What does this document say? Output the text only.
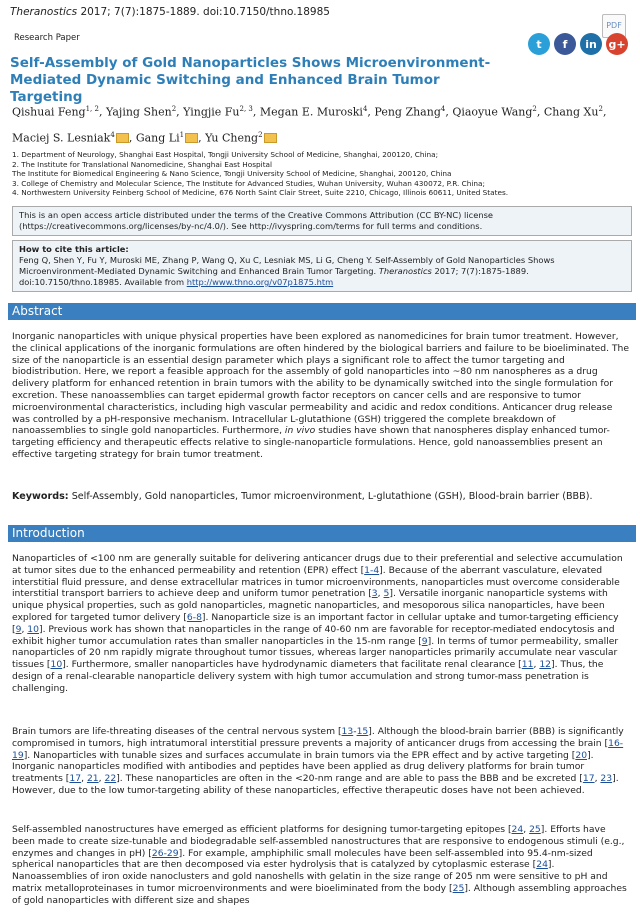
Theranostics 2017; 7(7):1875-1889. doi:10.7150/thno.18985
PDF
Research Paper	t	f	in	g+
Self-Assembly of Gold Nanoparticles Shows Microenvironment-Mediated Dynamic Switching and Enhanced Brain Tumor Targeting
Qishuai Feng$^{1, 2}$, Yajing Shen$^2$, Yingjie Fu$^{2, 3}$, Megan E. Muroski$^4$, Peng Zhang$^4$, Qiaoyue Wang$^2$, Chang Xu$^2$, Maciej S. Lesniak$^4$ , Gang Li$^1$ , Yu Cheng$^2$
1. Department of Neurology, Shanghai East Hospital, Tongji University School of Medicine, Shanghai, 200120, China;
2. The Institute for Translational Nanomedicine, Shanghai East Hospital
The Institute for Biomedical Engineering & Nano Science, Tongji University School of Medicine, Shanghai, 200120, China
3. College of Chemistry and Molecular Science, The Institute for Advanced Studies, Wuhan University, Wuhan 430072, P.R. China;
4. Northwestern University Feinberg School of Medicine, 676 North Saint Clair Street, Suite 2210, Chicago, Illinois 60611, United States.
This is an open access article distributed under the terms of the Creative Commons Attribution (CC BY-NC) license (https://creativecommons.org/licenses/by-nc/4.0/). See http://ivyspring.com/terms for full terms and conditions.
How to cite this article:
Feng Q, Shen Y, Fu Y, Muroski ME, Zhang P, Wang Q, Xu C, Lesniak MS, Li G, Cheng Y. Self-Assembly of Gold Nanoparticles Shows Microenvironment-Mediated Dynamic Switching and Enhanced Brain Tumor Targeting. Theranostics 2017; 7(7):1875-1889. doi:10.7150/thno.18985. Available from http://www.thno.org/v07p1875.htm
Abstract
Inorganic nanoparticles with unique physical properties have been explored as nanomedicines for brain tumor treatment. However, the clinical applications of the inorganic formulations are often hindered by the biological barriers and failure to be bioeliminated. The size of the nanoparticle is an essential design parameter which plays a significant role to affect the tumor targeting and biodistribution. Here, we report a feasible approach for the assembly of gold nanoparticles into ~80 nm nanospheres as a drug delivery platform for enhanced retention in brain tumors with the ability to be dynamically switched into the single formulation for excretion. These nanoassemblies can target epidermal growth factor receptors on cancer cells and are responsive to tumor microenvironmental characteristics, including high vascular permeability and acidic and redox conditions. Anticancer drug release was controlled by a pH-responsive mechanism. Intracellular L-glutathione (GSH) triggered the complete breakdown of nanoassemblies to single gold nanoparticles. Furthermore, in vivo studies have shown that nanospheres display enhanced tumor-targeting efficiency and therapeutic effects relative to single-nanoparticle formulations. Hence, gold nanoassemblies present an effective targeting strategy for brain tumor treatment.
Keywords: Self-Assembly, Gold nanoparticles, Tumor microenvironment, L-glutathione (GSH), Blood-brain barrier (BBB).
Introduction
Nanoparticles of <100 nm are generally suitable for delivering anticancer drugs due to their preferential and selective accumulation at tumor sites due to the enhanced permeability and retention (EPR) effect [1-4]. Because of the aberrant vasculature, elevated interstitial fluid pressure, and dense extracellular matrices in tumor microenvironments, nanoparticles must overcome considerable interstitial transport barriers to achieve deep and uniform tumor penetration [3, 5]. Versatile inorganic nanoparticle systems with unique physical properties, such as gold nanoparticles, magnetic nanoparticles, and mesoporous silica nanoparticles, have been explored for targeted tumor delivery [6-8]. Nanoparticle size is an important factor in cellular uptake and tumor-targeting efficiency [9, 10]. Previous work has shown that nanoparticles in the range of 40-60 nm are favorable for receptor-mediated endocytosis and exhibit higher tumor accumulation rates than smaller nanoparticles in the 15-nm range [9]. In terms of tumor permeability, smaller nanoparticles of 20 nm rapidly migrate throughout tumor tissues, whereas larger nanoparticles primarily accumulate near vascular tissues [10]. Furthermore, smaller nanoparticles have hydrodynamic diameters that facilitate renal clearance [11, 12]. Thus, the design of a renal-clearable nanoparticle delivery system with high tumor accumulation and strong tumor-mass penetration is challenging.
Brain tumors are life-threating diseases of the central nervous system [13-15]. Although the blood-brain barrier (BBB) is significantly compromised in tumors, high intratumoral interstitial pressure prevents a majority of anticancer drugs from accessing the brain [16-19]. Nanoparticles with tunable sizes and surfaces accumulate in brain tumors via the EPR effect and by active targeting [20]. Inorganic nanoparticles modified with antibodies and peptides have been applied as drug delivery platforms for brain tumor treatments [17, 21, 22]. These nanoparticles are often in the <20-nm range and are able to pass the BBB and be excreted [17, 23]. However, due to the low tumor-targeting ability of these nanoparticles, effective therapeutic doses have not been achieved.
Self-assembled nanostructures have emerged as efficient platforms for designing tumor-targeting epitopes [24, 25]. Efforts have been made to create size-tunable and biodegradable self-assembled nanostructures that are responsive to endogenous stimuli (e.g., enzymes and changes in pH) [26-29]. For example, amphiphilic small molecules have been self-assembled into 95.4-nm-sized spherical nanoparticles that are then decomposed via ester hydrolysis that is catalyzed by cytoplasmic esterase [24]. Nanoassemblies of iron oxide nanoclusters and gold nanoshells with gelatin in the size range of 205 nm were sensitive to pH and matrix metalloproteinases in tumor microenvironments and were bioeliminated from the body [25]. Although assembling approaches of gold nanoparticles with different size and shapes
